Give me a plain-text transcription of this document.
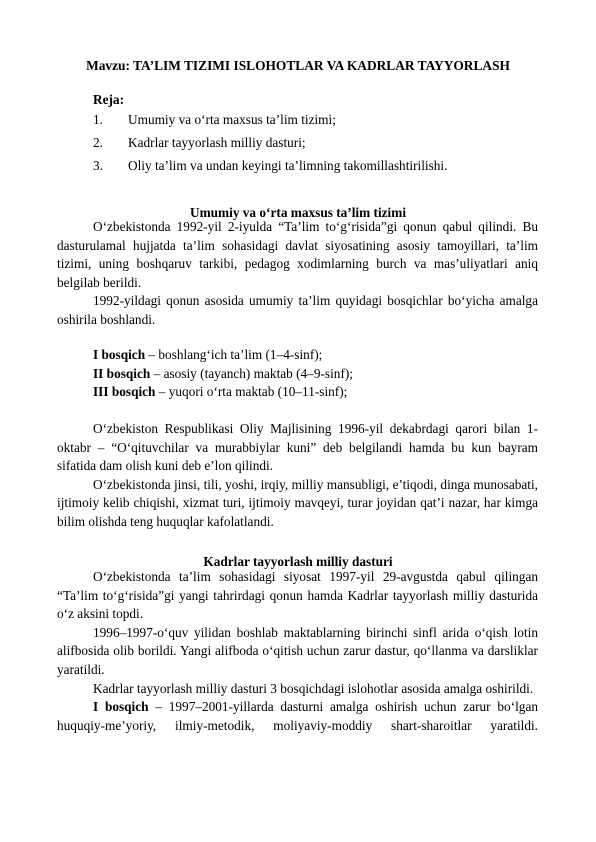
Mavzu: TA’LIM TIZIMI ISLOHOTLAR VA KADRLAR TAYYORLASH
Reja:
1.	Umumiy va o‘rta maxsus ta’lim tizimi;
2.	Kadrlar tayyorlash milliy dasturi;
3.	Oliy ta’lim va undan keyingi ta’limning takomillashtirilishi.
Umumiy va o‘rta maxsus ta’lim tizimi

O‘zbekistonda 1992-yil 2-iyulda “Ta’lim to‘g‘risida”gi qonun qabul qilindi. Bu dasturulamal hujjatda ta’lim sohasidagi davlat siyosatining asosiy tamoyillari, ta’lim tizimi, uning boshqaruv tarkibi, pedagog xodimlarning burch va mas’uliyatlari aniq belgilab berildi.

1992-yildagi qonun asosida umumiy ta’lim quyidagi bosqichlar bo‘yicha amalga oshirila boshlandi.

I bosqich – boshlang‘ich ta’lim (1–4-sinf);
II bosqich – asosiy (tayanch) maktab (4–9-sinf);
III bosqich – yuqori o‘rta maktab (10–11-sinf);

O‘zbekiston Respublikasi Oliy Majlisining 1996-yil dekabrdagi qarori bilan 1-oktabr – “O‘qituvchilar va murabbiylar kuni” deb belgilandi hamda bu kun bayram sifatida dam olish kuni deb e’lon qilindi.

O‘zbekistonda jinsi, tili, yoshi, irqiy, milliy mansubligi, e’tiqodi, dinga munosabati, ijtimoiy kelib chiqishi, xizmat turi, ijtimoiy mavqeyi, turar joyidan qat’i nazar, har kimga bilim olishda teng huquqlar kafolatlandi.

Kadrlar tayyorlash milliy dasturi

O‘zbekistonda ta’lim sohasidagi siyosat 1997-yil 29-avgustda qabul qilingan “Ta’lim to‘g‘risida”gi yangi tahrirdagi qonun hamda Kadrlar tayyorlash milliy dasturida o‘z aksini topdi.

1996–1997-o‘quv yilidan boshlab maktablarning birinchi sinfl arida o‘qish lotin alifbosida olib borildi. Yangi alifboda o‘qitish uchun zarur dastur, qo‘llanma va darsliklar yaratildi.

Kadrlar tayyorlash milliy dasturi 3 bosqichdagi islohotlar asosida amalga oshirildi.

I bosqich – 1997–2001-yillarda dasturni amalga oshirish uchun zarur bo‘lgan huquqiy-me’yoriy, ilmiy-metodik, moliyaviy-moddiy shart-sharoitlar yaratildi.
